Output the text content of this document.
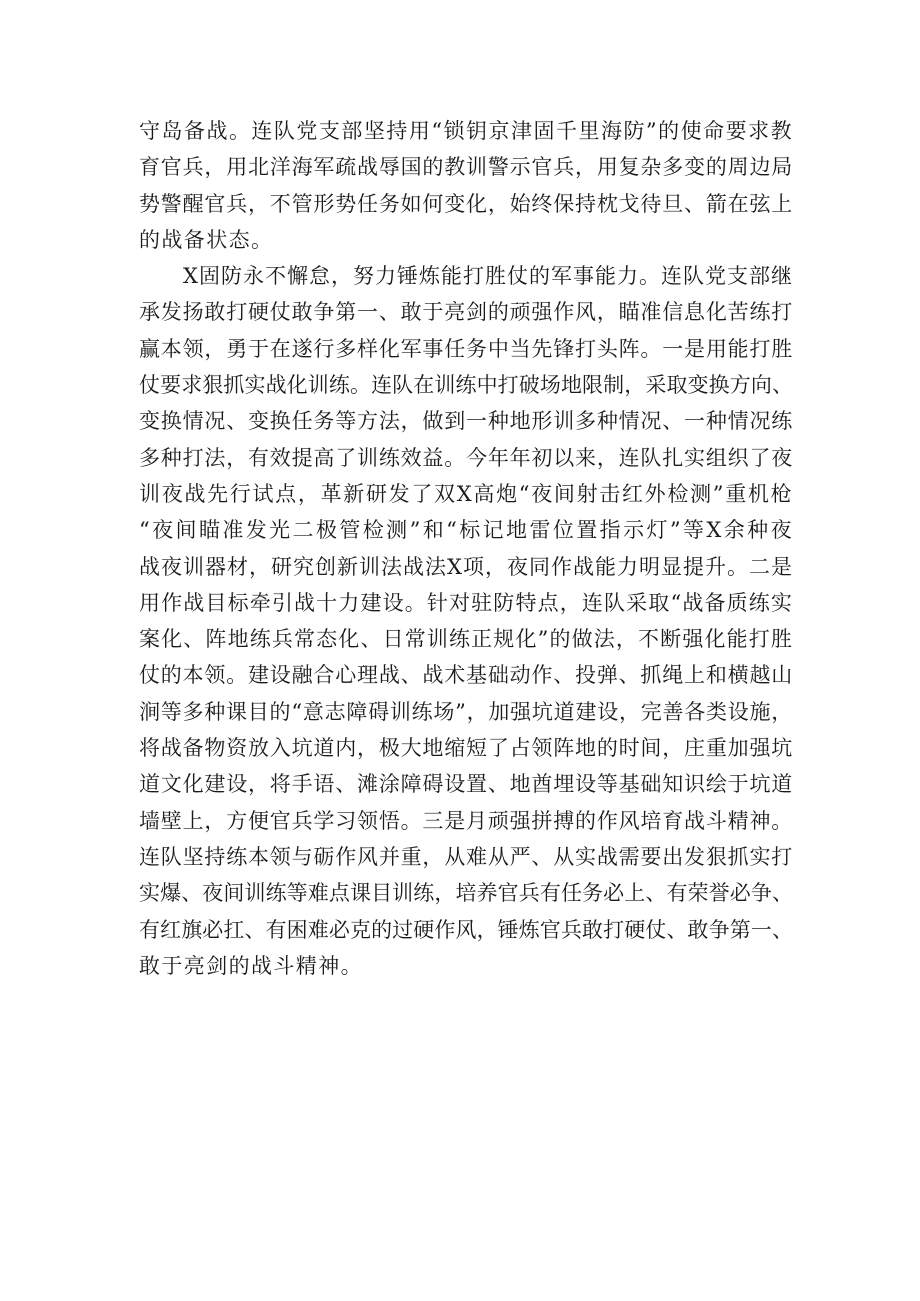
守岛备战。连队党支部坚持用“锁钥京津固千里海防”的使命要求教
育官兵，用北洋海军疏战辱国的教训警示官兵，用复杂多变的周边局
势警醒官兵，不管形势任务如何变化，始终保持枕戈待旦、箭在弦上
的战备状态。

X固防永不懈怠，努力锤炼能打胜仗的军事能力。连队党支部继
承发扬敢打硬仗敢争第一、敢于亮剑的顽强作风，瞄准信息化苦练打
赢本领，勇于在遂行多样化军事任务中当先锋打头阵。一是用能打胜
仗要求狠抓实战化训练。连队在训练中打破场地限制，采取变换方向、
变换情况、变换任务等方法，做到一种地形训多种情况、一种情况练
多种打法，有效提高了训练效益。今年年初以来，连队扎实组织了夜
训夜战先行试点，革新研发了双X高炮“夜间射击红外检测”重机枪
“夜间瞄准发光二极管检测”和“标记地雷位置指示灯”等X余种夜
战夜训器材，研究创新训法战法X项，夜同作战能力明显提升。二是
用作战目标牵引战十力建设。针对驻防特点，连队采取“战备质练实
案化、阵地练兵常态化、日常训练正规化”的做法，不断强化能打胜
仗的本领。建设融合心理战、战术基础动作、投弹、抓绳上和横越山
涧等多种课目的“意志障碍训练场”，加强坑道建设，完善各类设施，
将战备物资放入坑道内，极大地缩短了占领阵地的时间，庄重加强坑
道文化建设，将手语、滩涂障碍设置、地酋埋设等基础知识绘于坑道
墙壁上，方便官兵学习领悟。三是月顽强拼搏的作风培育战斗精神。
连队坚持练本领与砺作风并重，从难从严、从实战需要出发狠抓实打
实爆、夜间训练等难点课目训练，培养官兵有任务必上、有荣誉必争、
有红旗必扛、有困难必克的过硬作风，锤炼官兵敢打硬仗、敢争第一、
敢于亮剑的战斗精神。
